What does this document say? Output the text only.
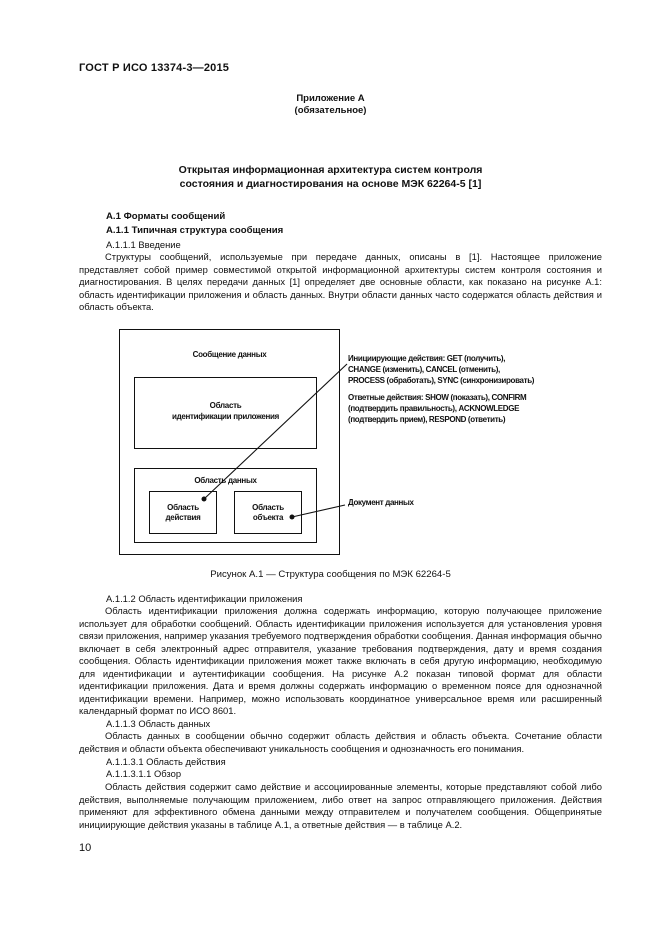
ГОСТ Р ИСО 13374-3—2015
Приложение А
(обязательное)
Открытая информационная архитектура систем контроля
состояния и диагностирования на основе МЭК 62264-5 [1]
А.1 Форматы сообщений
А.1.1 Типичная структура сообщения
А.1.1.1 Введение

Структуры сообщений, используемые при передаче данных, описаны в [1]. Настоящее приложение представляет собой пример совместимой открытой информационной архитектуры систем контроля состояния и диагностирования. В целях передачи данных [1] определяет две основные области, как показано на рисунке А.1: область идентификации приложения и область данных. Внутри области данных часто содержатся область действия и область объекта.

Сообщение данных
Область
идентификации приложения
Область данных
Область
действия
Область
объекта
Инициирующие действия: GET (получить),
CHANGE (изменить), CANCEL (отменить),
PROCESS (обработать), SYNC (синхронизировать)
Ответные действия: SHOW (показать), CONFIRM
(подтвердить правильность), ACKNOWLEDGE
(подтвердить прием), RESPOND (ответить)
Документ данных
Рисунок А.1 — Структура сообщения по МЭК 62264-5
А.1.1.2 Область идентификации приложения

Область идентификации приложения должна содержать информацию, которую получающее приложение использует для обработки сообщений. Область идентификации приложения используется для установления уровня связи приложения, например указания требуемого подтверждения обработки сообщения. Данная информация обычно включает в себя электронный адрес отправителя, указание требования подтверждения, дату и время создания сообщения. Область идентификации приложения может также включать в себя другую информацию, необходимую для идентификации и аутентификации сообщения. На рисунке А.2 показан типовой формат для области идентификации приложения. Дата и время должны содержать информацию о временном поясе для однозначной идентификации времени. Например, можно использовать координатное универсальное время или расширенный календарный формат по ИСО 8601.

А.1.1.3 Область данных

Область данных в сообщении обычно содержит область действия и область объекта. Сочетание области действия и области объекта обеспечивают уникальность сообщения и однозначность его понимания.

А.1.1.3.1 Область действия
А.1.1.3.1.1 Обзор

Область действия содержит само действие и ассоциированные элементы, которые представляют собой либо действия, выполняемые получающим приложением, либо ответ на запрос отправляющего приложения. Действия применяют для эффективного обмена данными между отправителем и получателем сообщения. Общепринятые инициирующие действия указаны в таблице А.1, а ответные действия — в таблице А.2.

10
